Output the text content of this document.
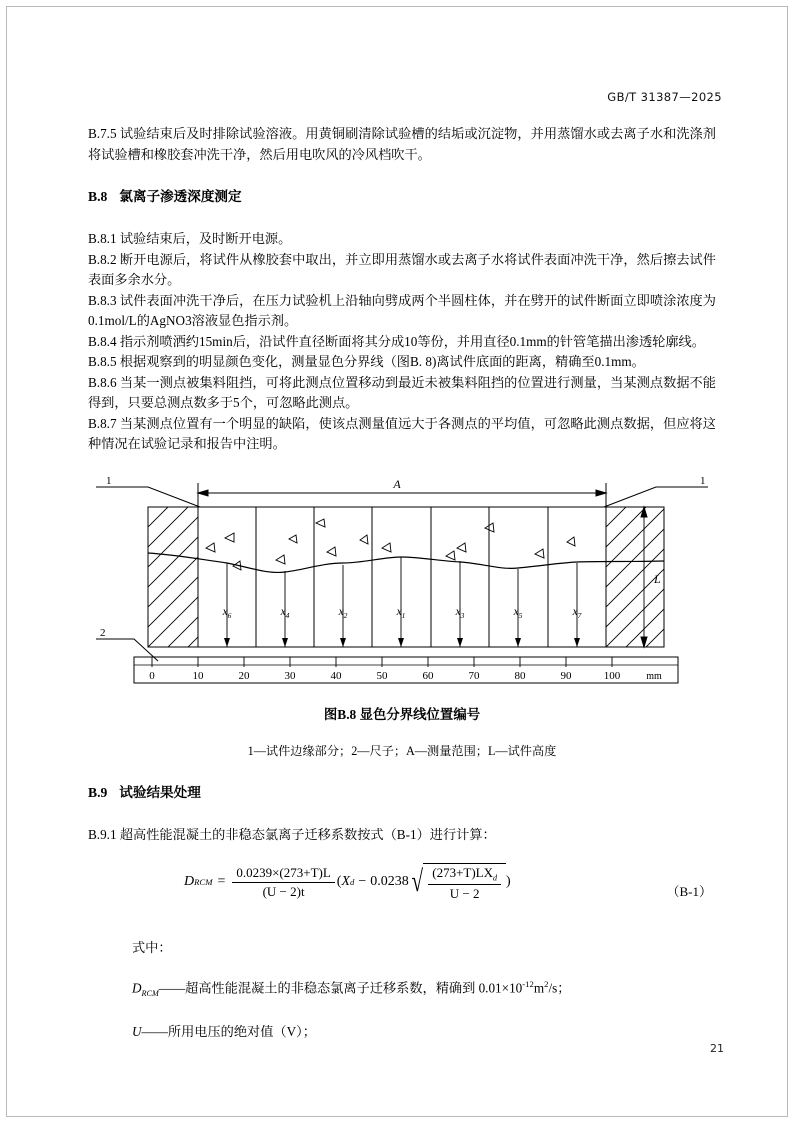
GB/T 31387—2025

B.7.5 试验结束后及时排除试验溶液。用黄铜刷清除试验槽的结垢或沉淀物，并用蒸馏水或去离子水和洗涤剂将试验槽和橡胶套冲洗干净，然后用电吹风的冷风档吹干。

B.8 氯离子渗透深度测定

B.8.1 试验结束后，及时断开电源。

B.8.2 断开电源后，将试件从橡胶套中取出，并立即用蒸馏水或去离子水将试件表面冲洗干净，然后擦去试件表面多余水分。

B.8.3 试件表面冲洗干净后，在压力试验机上沿轴向劈成两个半圆柱体，并在劈开的试件断面立即喷涂浓度为0.1mol/L的AgNO3溶液显色指示剂。

B.8.4 指示剂喷洒约15min后，沿试件直径断面将其分成10等份，并用直径0.1mm的针管笔描出渗透轮廓线。

B.8.5 根据观察到的明显颜色变化，测量显色分界线（图B. 8)离试件底面的距离，精确至0.1mm。

B.8.6 当某一测点被集料阻挡，可将此测点位置移动到最近未被集料阻挡的位置进行测量，当某测点数据不能得到，只要总测点数多于5个，可忽略此测点。

B.8.7 当某测点位置有一个明显的缺陷，使该点测量值远大于各测点的平均值，可忽略此测点数据，但应将这种情况在试验记录和报告中注明。

1	1
2
A
L
$x_6$	$x_4$	$x_2$	$x_1$	$x_3$	$x_5$	$x_7$
0	10	20	30	40	50	60	70	80	90	100	mm

图B.8 显色分界线位置编号

1—试件边缘部分；2—尺子；A—测量范围；L—试件高度

B.9 试验结果处理

B.9.1 超高性能混凝土的非稳态氯离子迁移系数按式（B-1）进行计算：

D RCM = $\frac{0.0239\times(273+T)L}{(U - 2)t}$ ( X d − 0.0238 √ $\frac{(273+T)LX_d}{U - 2}$ )
（B-1）

式中：

$D_{RCM}——$超高性能混凝土的非稳态氯离子迁移系数，精确到 $0.01\times 10^{-12}m^2/s$；

U——所用电压的绝对值（V）；

21
